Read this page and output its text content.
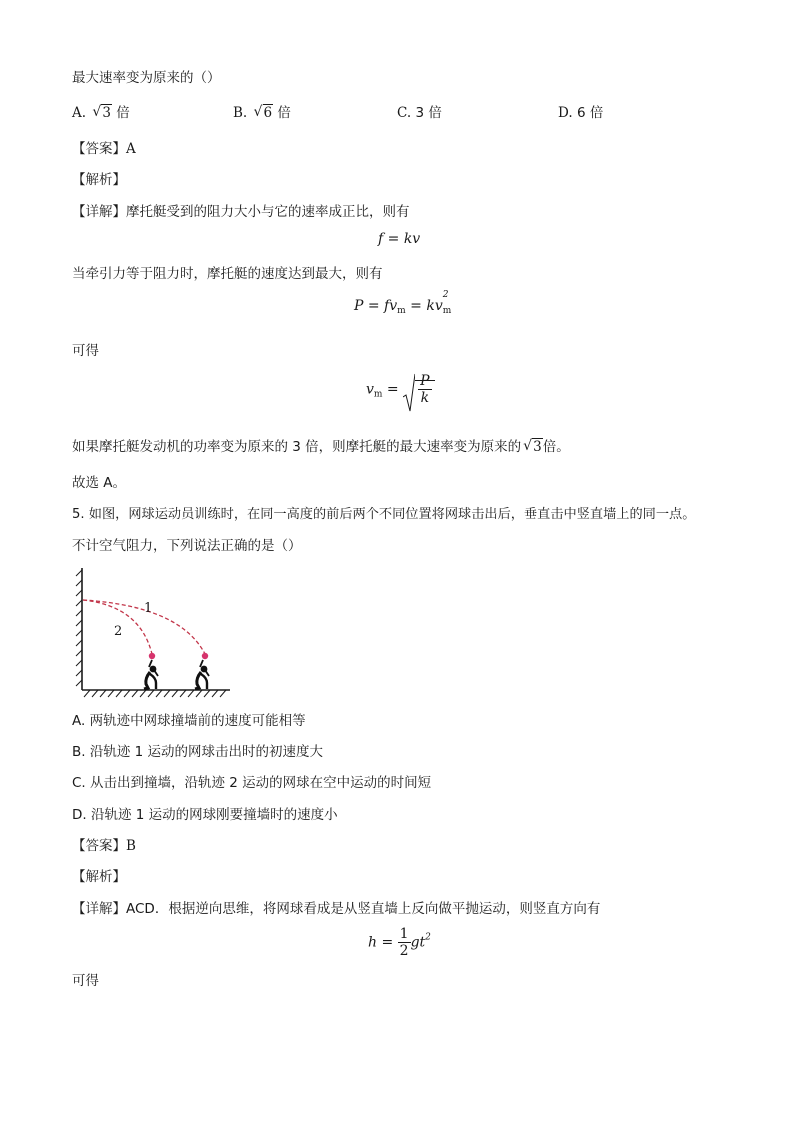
最大速率变为原来的（）
A. √ 3 倍	B. √ 6 倍	C. 3 倍	D. 6 倍
【答案】A
【解析】
【详解】摩托艇受到的阻力大小与它的速率成正比，则有
f = kv
当牵引力等于阻力时，摩托艇的速度达到最大，则有
$P = fv_m$ = kv
2
$_m$
可得
$v_m = \frac{P}{k}$
如果摩托艇发动机的功率变为原来的 3 倍，则摩托艇的最大速率变为原来的 √ 3倍。
故选 A。
5. 如图，网球运动员训练时，在同一高度的前后两个不同位置将网球击出后，垂直击中竖直墙上的同一点。
不计空气阻力，下列说法正确的是（）
1
2
A. 两轨迹中网球撞墙前的速度可能相等
B. 沿轨迹 1 运动的网球击出时的初速度大
C. 从击出到撞墙，沿轨迹 2 运动的网球在空中运动的时间短
D. 沿轨迹 1 运动的网球刚要撞墙时的速度小
【答案】B
【解析】
【详解】ACD．根据逆向思维，将网球看成是从竖直墙上反向做平抛运动，则竖直方向有
$h = \frac{1}{2} gt^2$
可得
